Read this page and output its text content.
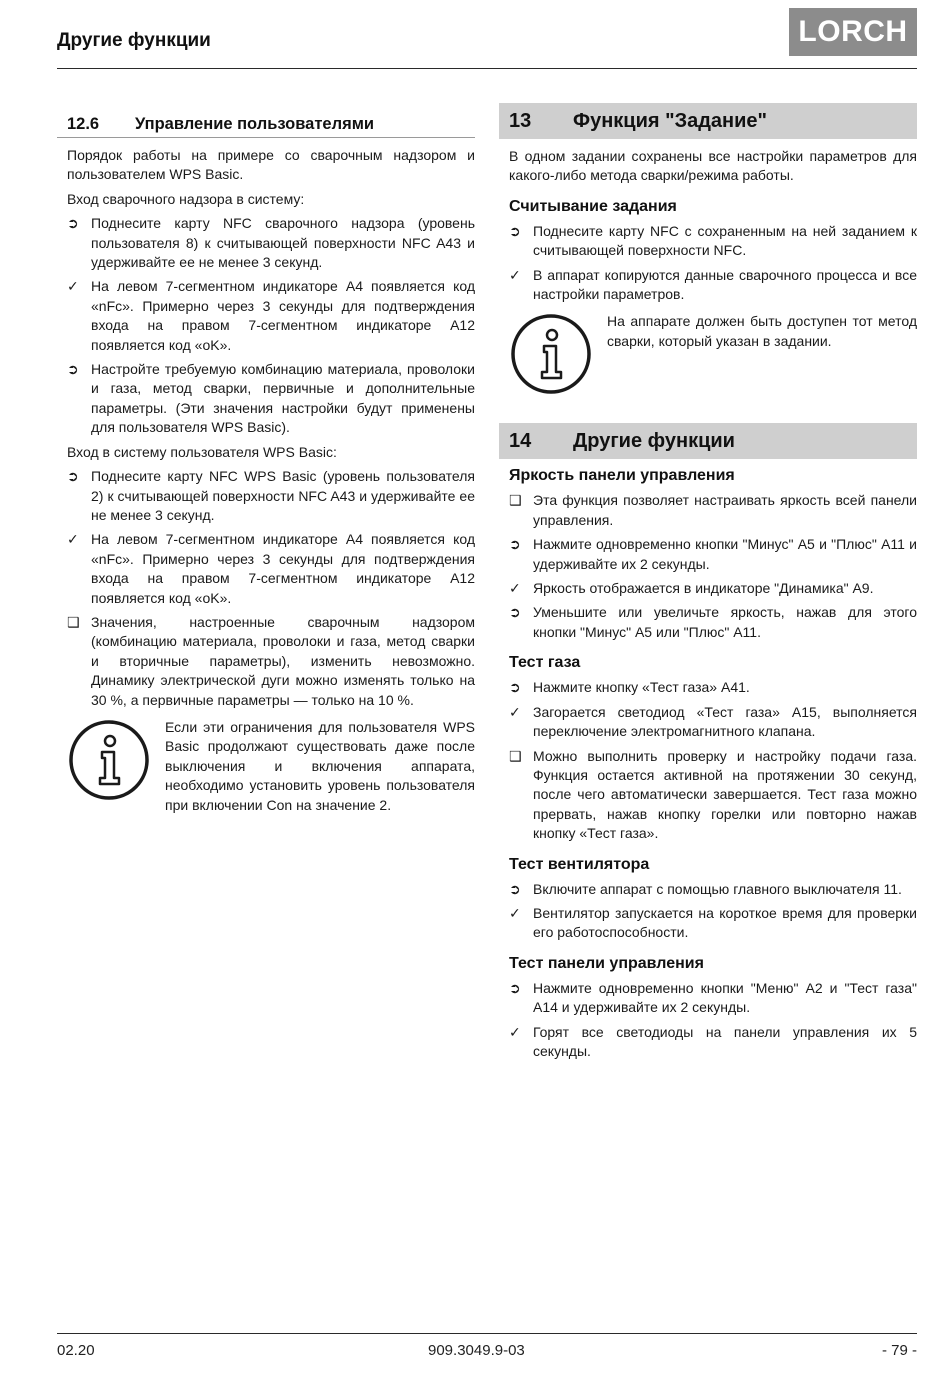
Другие функции	LORCH
12.6	Управление пользователями

Порядок работы на примере со сварочным надзором и пользователем WPS Basic.

Вход сварочного надзора в систему:

➲ Поднесите карту NFC сварочного надзора (уровень пользователя 8) к считывающей поверхности NFC A43 и удерживайте ее не менее 3 секунд.
✓ На левом 7-сегментном индикаторе A4 появляется код «nFc». Примерно через 3 секунды для подтверждения входа на правом 7-сегментном индикаторе A12 появляется код «oK».
➲ Настройте требуемую комбинацию материала, проволоки и газа, метод сварки, первичные и дополнительные параметры. (Эти значения настройки будут применены для пользователя WPS Basic).

Вход в систему пользователя WPS Basic:

➲ Поднесите карту NFC WPS Basic (уровень пользователя 2) к считывающей поверхности NFC A43 и удерживайте ее не менее 3 секунд.
✓ На левом 7-сегментном индикаторе A4 появляется код «nFc». Примерно через 3 секунды для подтверждения входа на правом 7-сегментном индикаторе A12 появляется код «oK».
❑ Значения, настроенные сварочным надзором (комбинацию материала, проволоки и газа, метод сварки и вторичные параметры), изменить невозможно. Динамику электрической дуги можно изменять только на 30 %, а первичные параметры — только на 10 %.
Если эти ограничения для пользователя WPS Basic продолжают существовать даже после выключения и включения аппарата, необходимо установить уровень пользователя при включении Con на значение 2.
13	Функция "Задание"

В одном задании сохранены все настройки параметров для какого-либо метода сварки/режима работы.

Считывание задания
➲ Поднесите карту NFC с сохраненным на ней заданием к считывающей поверхности NFC.
✓ В аппарат копируются данные сварочного процесса и все настройки параметров.
На аппарате должен быть доступен тот метод сварки, который указан в задании.
14	Другие функции
Яркость панели управления
❑ Эта функция позволяет настраивать яркость всей панели управления.
➲ Нажмите одновременно кнопки "Минус" A5 и "Плюс" A11 и удерживайте их 2 секунды.
✓ Яркость отображается в индикаторе "Динамика" A9.
➲ Уменьшите или увеличьте яркость, нажав для этого кнопки "Минус" A5 или "Плюс" A11.
Тест газа
➲ Нажмите кнопку «Тест газа» A41.
✓ Загорается светодиод «Тест газа» A15, выполняется переключение электромагнитного клапана.
❑ Можно выполнить проверку и настройку подачи газа. Функция остается активной на протяжении 30 секунд, после чего автоматически завершается. Тест газа можно прервать, нажав кнопку горелки или повторно нажав кнопку «Тест газа».
Тест вентилятора
➲ Включите аппарат с помощью главного выключателя 11.
✓ Вентилятор запускается на короткое время для проверки его работоспособности.
Тест панели управления
➲ Нажмите одновременно кнопки "Меню" A2 и "Тест газа" A14 и удерживайте их 2 секунды.
✓ Горят все светодиоды на панели управления их 5 секунды.
02.20	909.3049.9-03	- 79 -
